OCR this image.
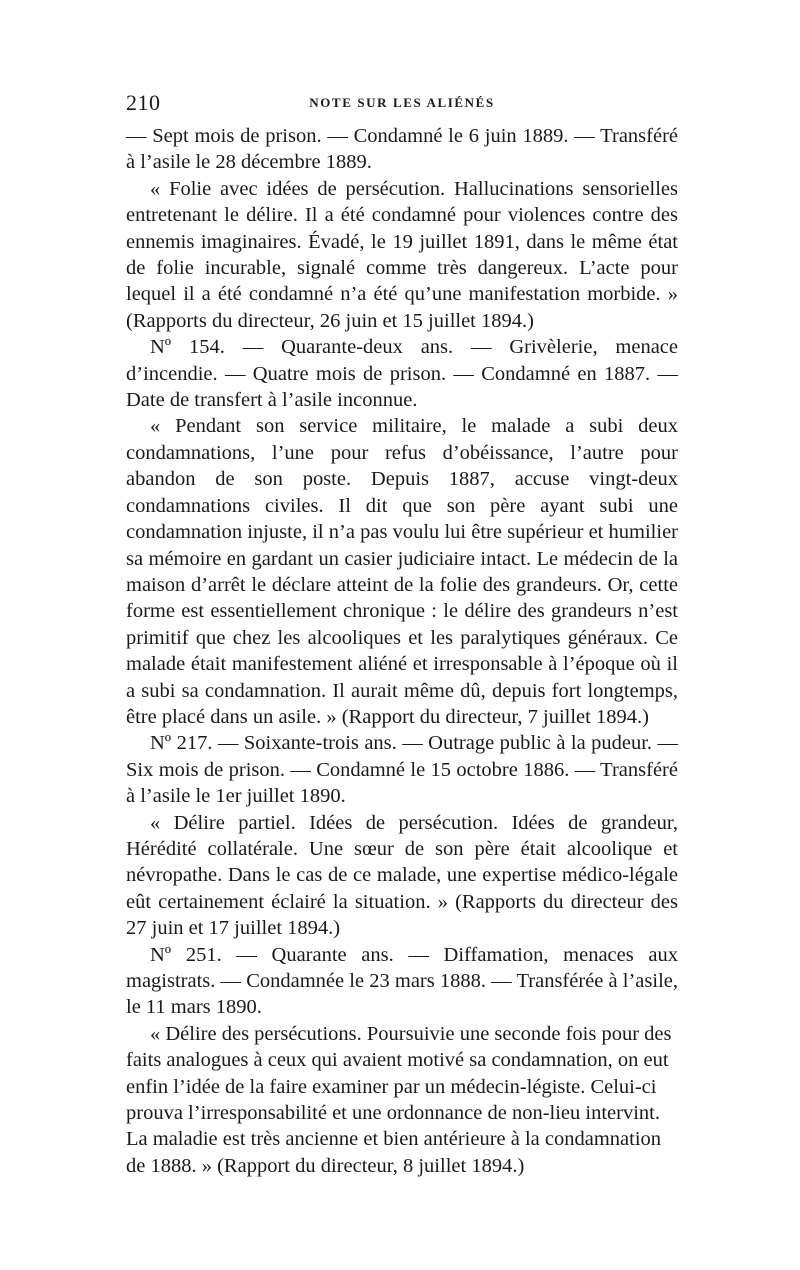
210	NOTE SUR LES ALIÉNÉS

— Sept mois de prison. — Condamné le 6 juin 1889. — Transféré à l’asile le 28 décembre 1889.

« Folie avec idées de persécution. Hallucinations sensorielles entretenant le délire. Il a été condamné pour violences contre des ennemis imaginaires. Évadé, le 19 juillet 1891, dans le même état de folie incurable, signalé comme très dangereux. L’acte pour lequel il a été condamné n’a été qu’une manifestation morbide. » (Rapports du directeur, 26 juin et 15 juillet 1894.)

Nº 154. — Quarante-deux ans. — Grivèlerie, menace d’incendie. — Quatre mois de prison. — Condamné en 1887. — Date de transfert à l’asile inconnue.

« Pendant son service militaire, le malade a subi deux condamnations, l’une pour refus d’obéissance, l’autre pour abandon de son poste. Depuis 1887, accuse vingt-deux condamnations civiles. Il dit que son père ayant subi une condamnation injuste, il n’a pas voulu lui être supérieur et humilier sa mémoire en gardant un casier judiciaire intact. Le médecin de la maison d’arrêt le déclare atteint de la folie des grandeurs. Or, cette forme est essentiellement chronique : le délire des grandeurs n’est primitif que chez les alcooliques et les paralytiques généraux. Ce malade était manifestement aliéné et irresponsable à l’époque où il a subi sa condamnation. Il aurait même dû, depuis fort longtemps, être placé dans un asile. » (Rapport du directeur, 7 juillet 1894.)

Nº 217. — Soixante-trois ans. — Outrage public à la pudeur. — Six mois de prison. — Condamné le 15 octobre 1886. — Transféré à l’asile le 1er juillet 1890.

« Délire partiel. Idées de persécution. Idées de grandeur, Hérédité collatérale. Une sœur de son père était alcoolique et névropathe. Dans le cas de ce malade, une expertise médico-légale eût certainement éclairé la situation. » (Rapports du directeur des 27 juin et 17 juillet 1894.)

Nº 251. — Quarante ans. — Diffamation, menaces aux magistrats. — Condamnée le 23 mars 1888. — Transférée à l’asile, le 11 mars 1890.

« Délire des persécutions. Poursuivie une seconde fois pour des faits analogues à ceux qui avaient motivé sa condamnation, on eut enfin l’idée de la faire examiner par un médecin-légiste. Celui-ci prouva l’irresponsabilité et une ordonnance de non-lieu intervint. La maladie est très ancienne et bien antérieure à la condamnation de 1888. » (Rapport du directeur, 8 juillet 1894.)
